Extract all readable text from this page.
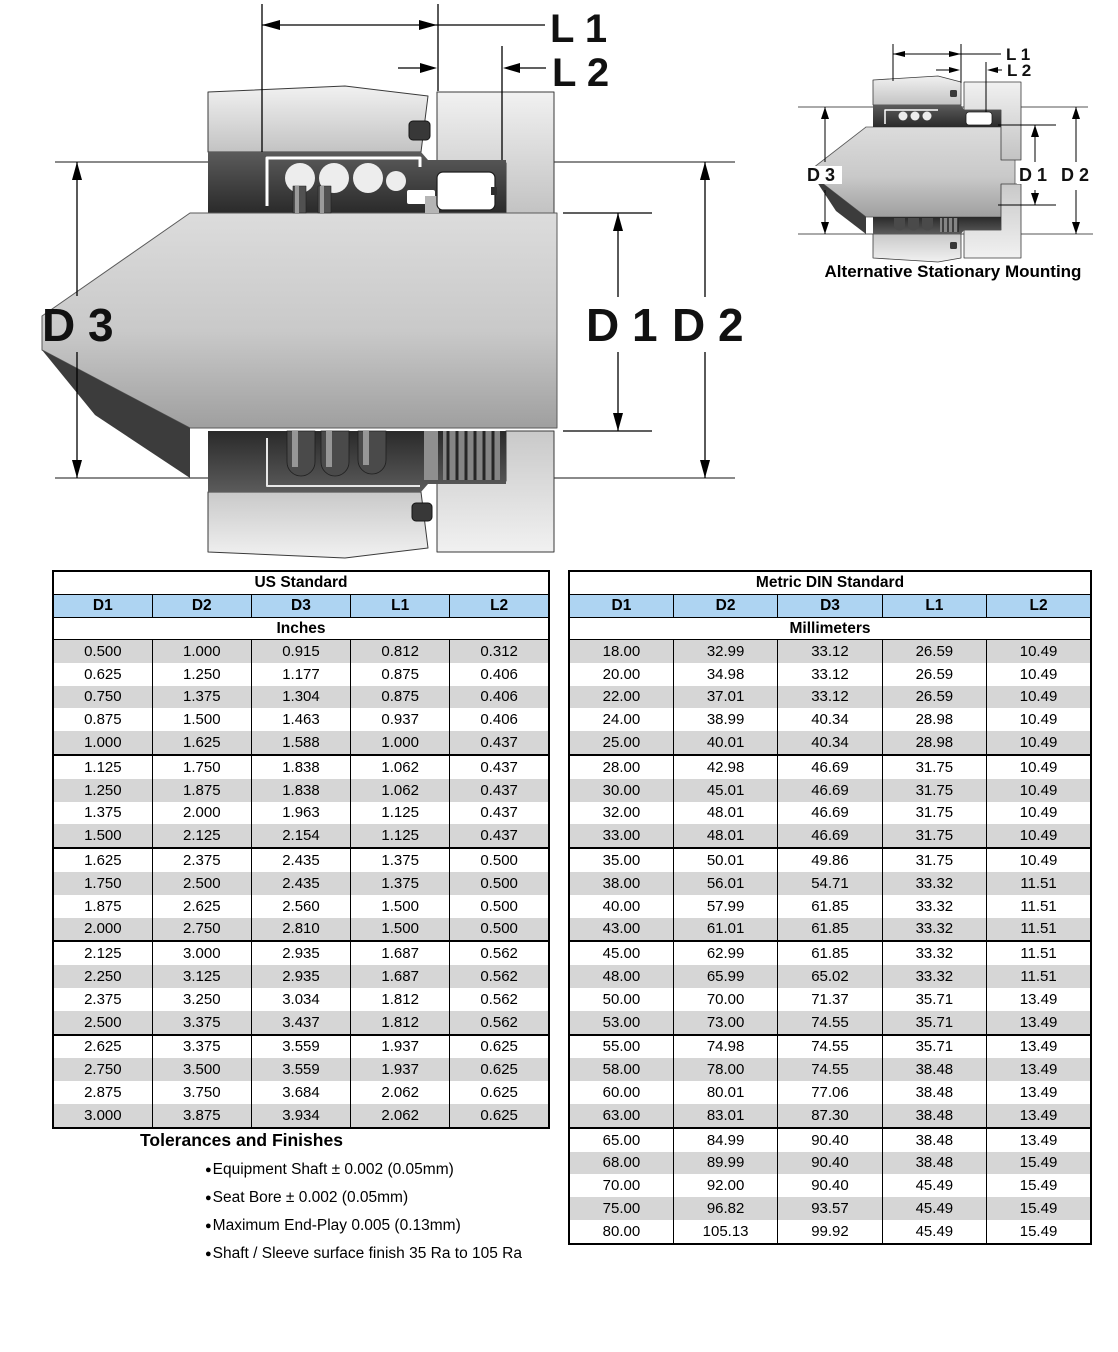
L 1
L 2
D 3	D 1 D 2
L 1
L 2
D 3	D 1 D 2
Alternative Stationary Mounting
US Standard				
D1	D2	D3	L1	L2
Inches				
0.500	1.000	0.915	0.812	0.312
0.625	1.250	1.177	0.875	0.406
0.750	1.375	1.304	0.875	0.406
0.875	1.500	1.463	0.937	0.406
1.000	1.625	1.588	1.000	0.437
1.125	1.750	1.838	1.062	0.437
1.250	1.875	1.838	1.062	0.437
1.375	2.000	1.963	1.125	0.437
1.500	2.125	2.154	1.125	0.437
1.625	2.375	2.435	1.375	0.500
1.750	2.500	2.435	1.375	0.500
1.875	2.625	2.560	1.500	0.500
2.000	2.750	2.810	1.500	0.500
2.125	3.000	2.935	1.687	0.562
2.250	3.125	2.935	1.687	0.562
2.375	3.250	3.034	1.812	0.562
2.500	3.375	3.437	1.812	0.562
2.625	3.375	3.559	1.937	0.625
2.750	3.500	3.559	1.937	0.625
2.875	3.750	3.684	2.062	0.625
3.000	3.875	3.934	2.062	0.625
Metric DIN Standard				
D1	D2	D3	L1	L2
Millimeters				
18.00	32.99	33.12	26.59	10.49
20.00	34.98	33.12	26.59	10.49
22.00	37.01	33.12	26.59	10.49
24.00	38.99	40.34	28.98	10.49
25.00	40.01	40.34	28.98	10.49
28.00	42.98	46.69	31.75	10.49
30.00	45.01	46.69	31.75	10.49
32.00	48.01	46.69	31.75	10.49
33.00	48.01	46.69	31.75	10.49
35.00	50.01	49.86	31.75	10.49
38.00	56.01	54.71	33.32	11.51
40.00	57.99	61.85	33.32	11.51
43.00	61.01	61.85	33.32	11.51
45.00	62.99	61.85	33.32	11.51
48.00	65.99	65.02	33.32	11.51
50.00	70.00	71.37	35.71	13.49
53.00	73.00	74.55	35.71	13.49
55.00	74.98	74.55	35.71	13.49
58.00	78.00	74.55	38.48	13.49
60.00	80.01	77.06	38.48	13.49
63.00	83.01	87.30	38.48	13.49
65.00	84.99	90.40	38.48	13.49
68.00	89.99	90.40	38.48	15.49
70.00	92.00	90.40	45.49	15.49
75.00	96.82	93.57	45.49	15.49
80.00	105.13	99.92	45.49	15.49
Tolerances and Finishes
●Equipment Shaft ± 0.002 (0.05mm)
●Seat Bore ± 0.002 (0.05mm)
●Maximum End-Play 0.005 (0.13mm)
●Shaft / Sleeve surface finish 35 Ra to 105 Ra
